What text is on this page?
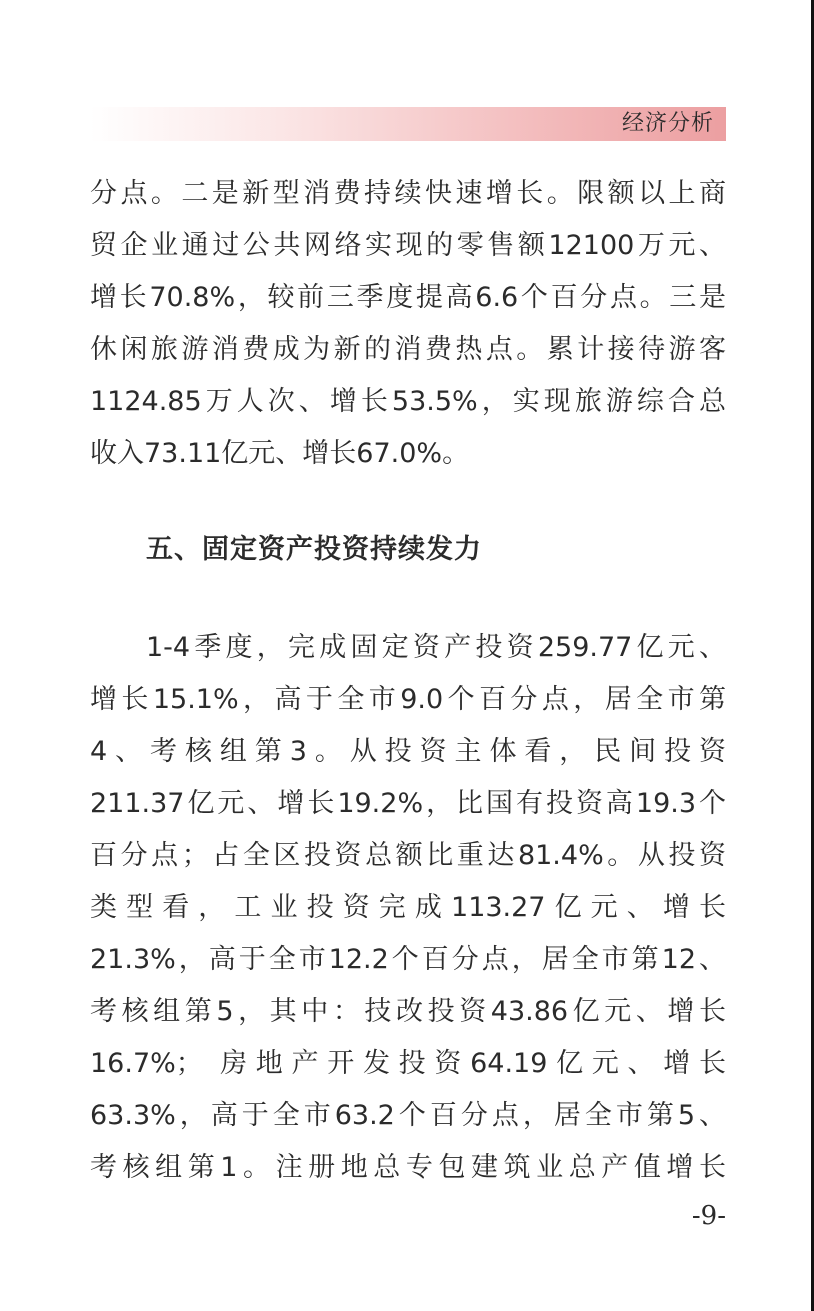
经济分析
分点。二是新型消费持续快速增长。限额以上商
贸企业通过公共网络实现的零售额12100万元、
增长70.8%，较前三季度提高6.6个百分点。三是
休闲旅游消费成为新的消费热点。累计接待游客
1124.85万人次、增长53.5%，实现旅游综合总
收入73.11亿元、增长67.0%。
五、固定资产投资持续发力
1-4季度，完成固定资产投资259.77亿元、
增长15.1%，高于全市9.0个百分点，居全市第
4、考核组第3。从投资主体看，民间投资
211.37亿元、增长19.2%，比国有投资高19.3个
百分点；占全区投资总额比重达81.4%。从投资
类型看，工业投资完成113.27亿元、增长
21.3%，高于全市12.2个百分点，居全市第12、
考核组第5，其中：技改投资43.86亿元、增长
16.7%； 房地产开发投资64.19亿元、增长
63.3%，高于全市63.2个百分点，居全市第5、
考核组第1。注册地总专包建筑业总产值增长
-9-
